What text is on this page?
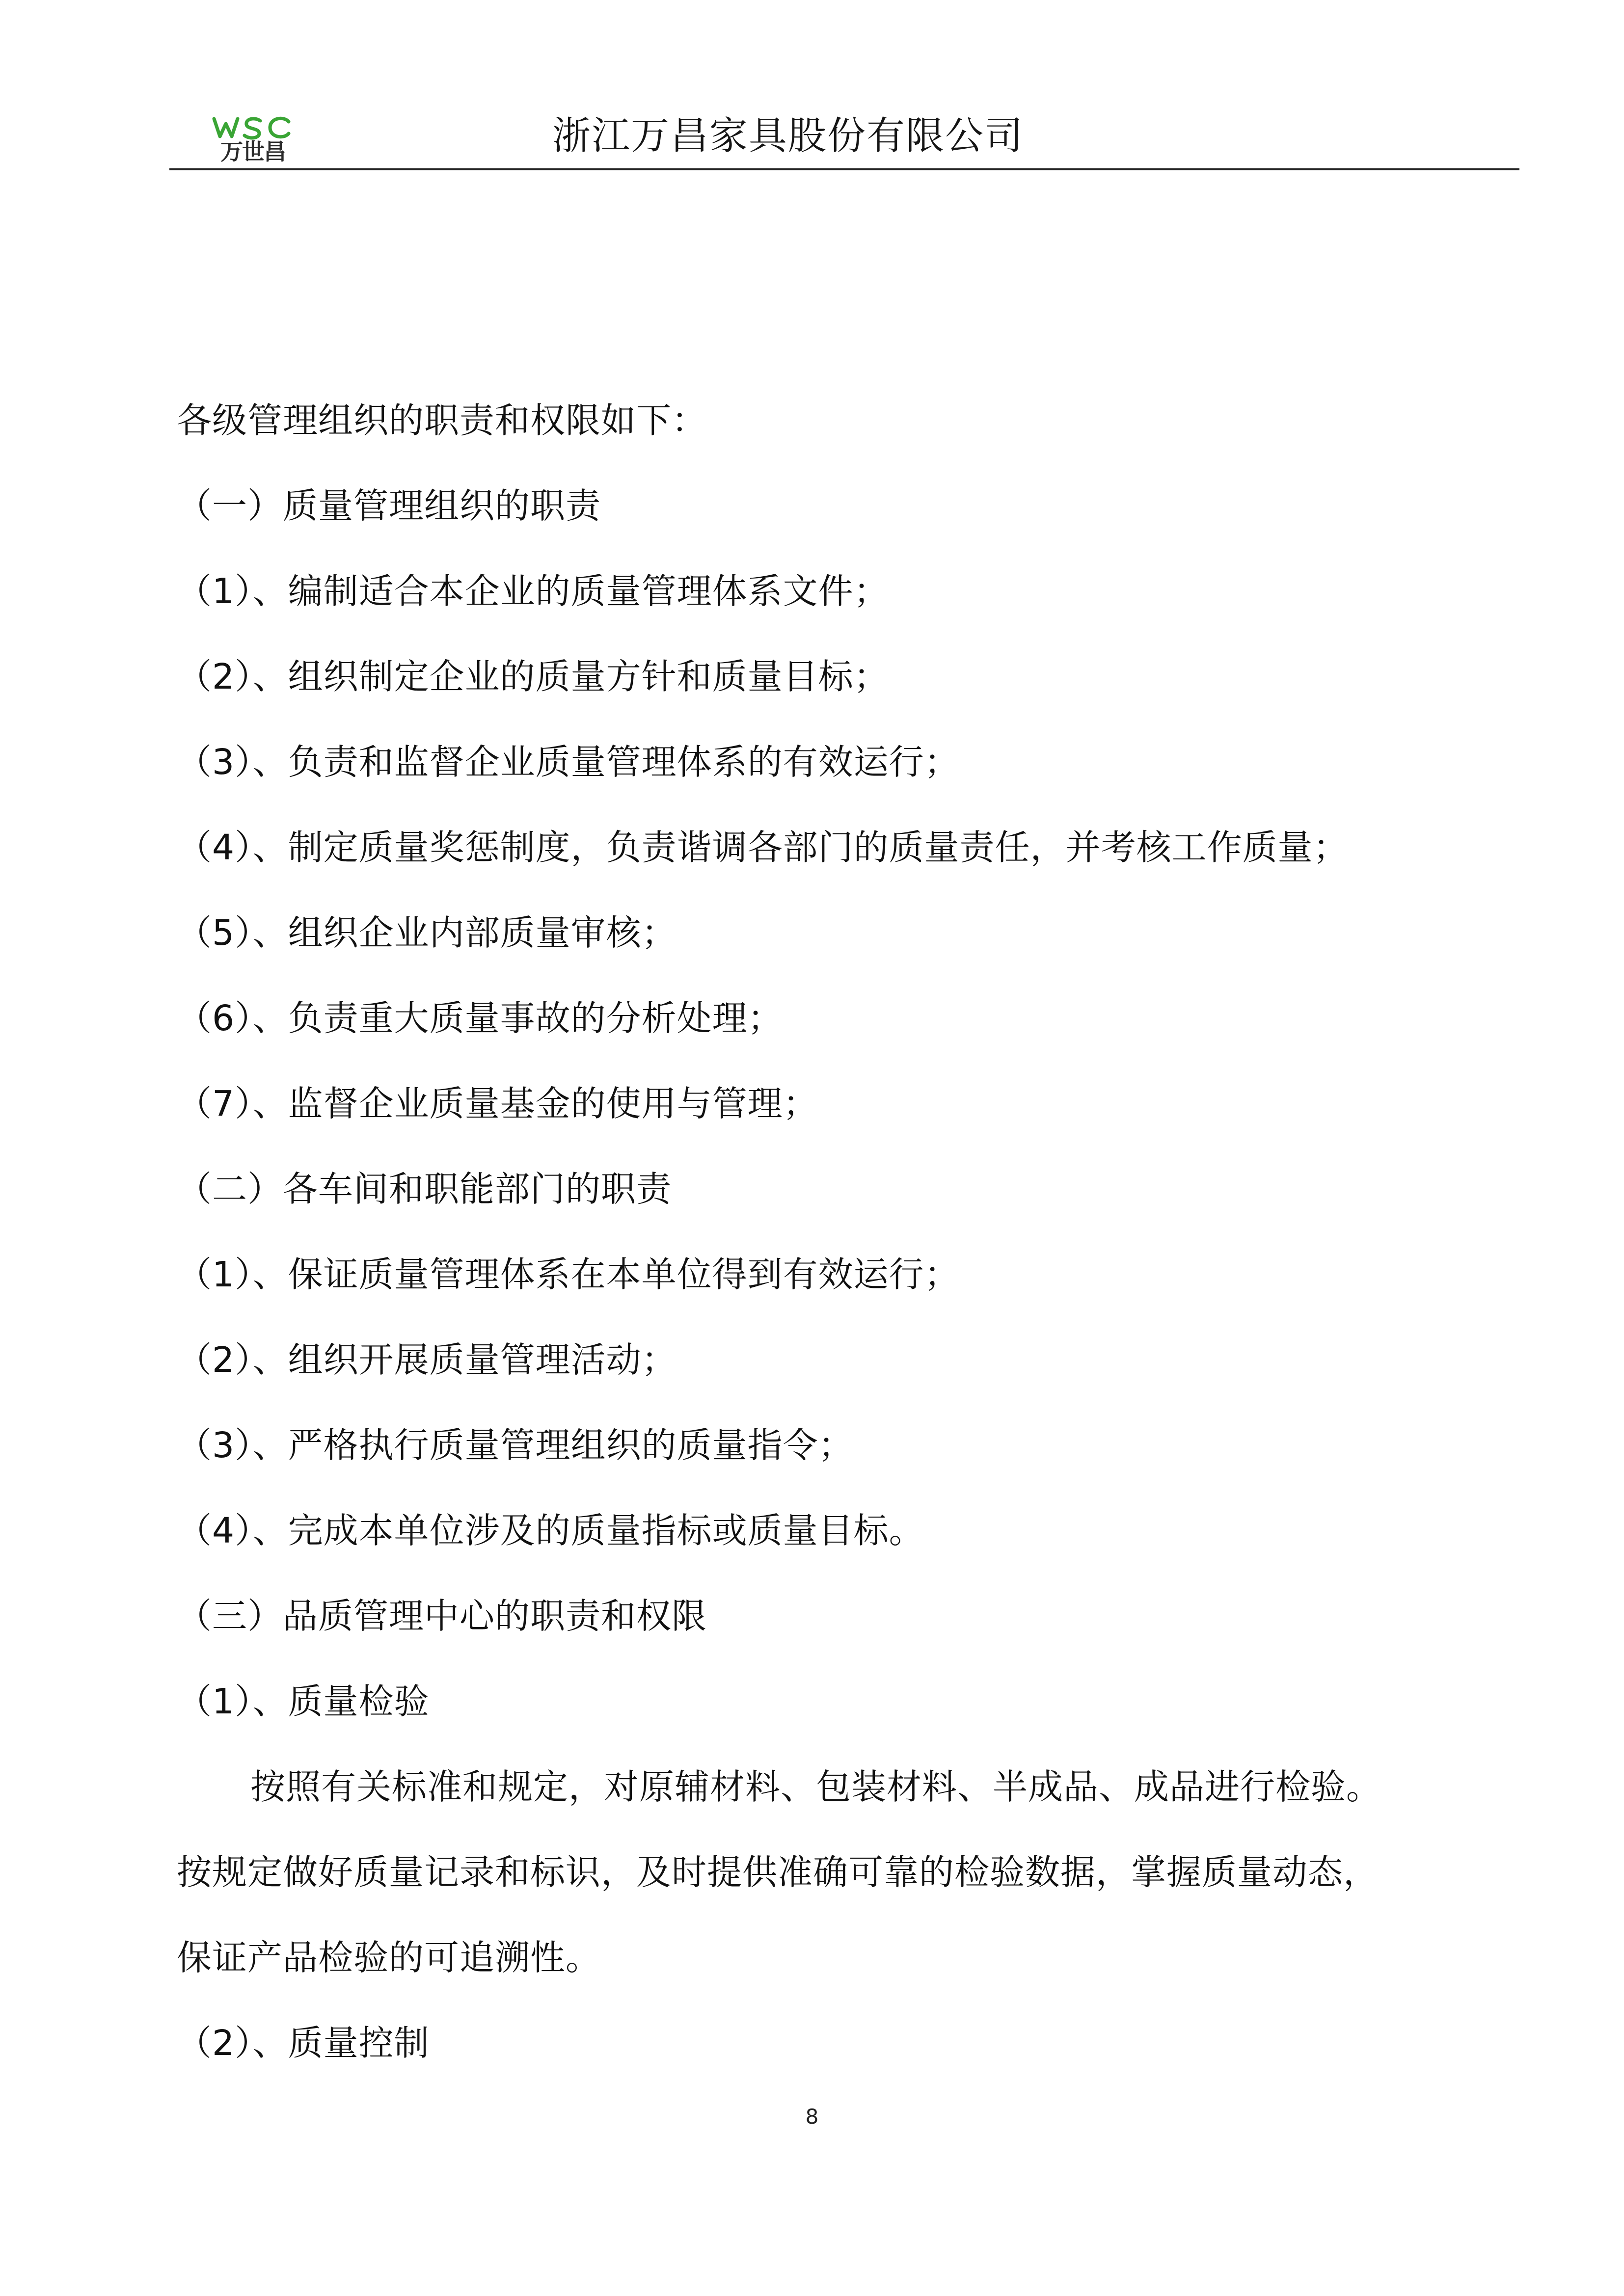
万世昌	浙江万昌家具股份有限公司
各级管理组织的职责和权限如下：
（一）质量管理组织的职责
（1）、编制适合本企业的质量管理体系文件；
（2）、组织制定企业的质量方针和质量目标；
（3）、负责和监督企业质量管理体系的有效运行；
（4）、制定质量奖惩制度，负责谐调各部门的质量责任，并考核工作质量；
（5）、组织企业内部质量审核；
（6）、负责重大质量事故的分析处理；
（7）、监督企业质量基金的使用与管理；
（二）各车间和职能部门的职责
（1）、保证质量管理体系在本单位得到有效运行；
（2）、组织开展质量管理活动；
（3）、严格执行质量管理组织的质量指令；
（4）、完成本单位涉及的质量指标或质量目标。
（三）品质管理中心的职责和权限
（1）、质量检验
按照有关标准和规定，对原辅材料、包装材料、半成品、成品进行检验。
按规定做好质量记录和标识，及时提供准确可靠的检验数据，掌握质量动态，
保证产品检验的可追溯性。
（2）、质量控制
8
